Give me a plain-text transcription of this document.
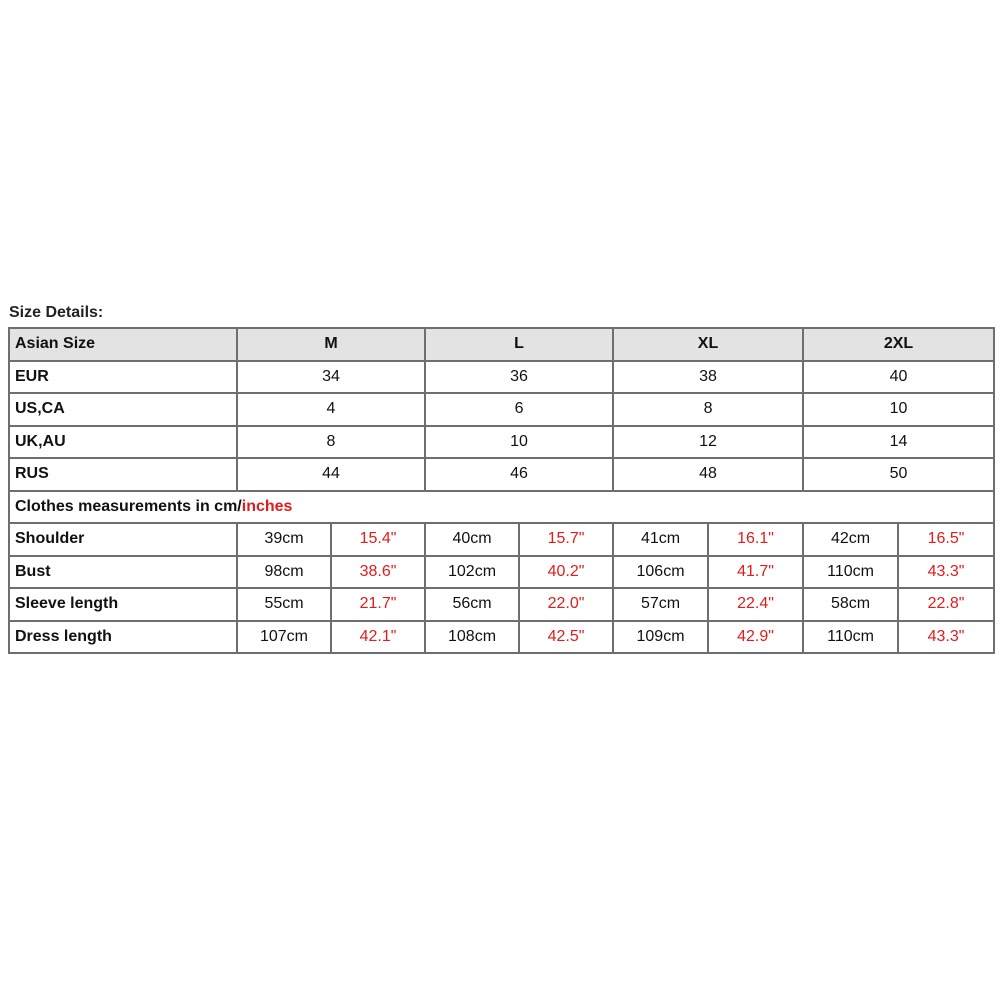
Size Details:
Asian Size	M		L		XL		2XL	
EUR	34		36		38		40	
US,CA	4		6		8		10	
UK,AU	8		10		12		14	
RUS	44		46		48		50	
Clothes measurements in cm/inches								
Shoulder	39cm	15.4"	40cm	15.7"	41cm	16.1"	42cm	16.5"
Bust	98cm	38.6"	102cm	40.2"	106cm	41.7"	110cm	43.3"
Sleeve length	55cm	21.7"	56cm	22.0"	57cm	22.4"	58cm	22.8"
Dress length	107cm	42.1"	108cm	42.5"	109cm	42.9"	110cm	43.3"
